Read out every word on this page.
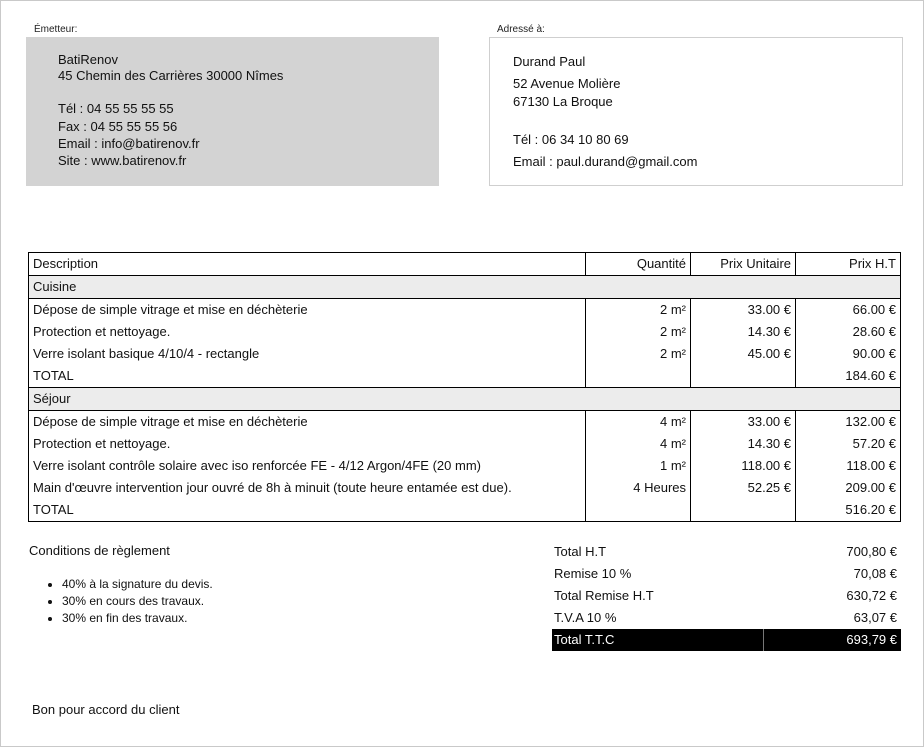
Émetteur:
BatiRenov
45 Chemin des Carrières 30000 Nîmes
Tél : 04 55 55 55 55
Fax : 04 55 55 55 56
Email : info@batirenov.fr
Site : www.batirenov.fr
Adressé à:
Durand Paul
52 Avenue Molière
67130 La Broque
Tél : 06 34 10 80 69
Email : paul.durand@gmail.com
Description	Quantité	Prix Unitaire	Prix H.T
Cuisine			
Dépose de simple vitrage et mise en déchèterie	2 m²	33.00 €	66.00 €
Protection et nettoyage.	2 m²	14.30 €	28.60 €
Verre isolant basique 4/10/4 - rectangle	2 m²	45.00 €	90.00 €
TOTAL			184.60 €
Séjour			
Dépose de simple vitrage et mise en déchèterie	4 m²	33.00 €	132.00 €
Protection et nettoyage.	4 m²	14.30 €	57.20 €
Verre isolant contrôle solaire avec iso renforcée FE - 4/12 Argon/4FE (20 mm)	1 m²	118.00 €	118.00 €
Main d'œuvre intervention jour ouvré de 8h à minuit (toute heure entamée est due).	4 Heures	52.25 €	209.00 €
TOTAL			516.20 €
Conditions de règlement
• 40% à la signature du devis.
• 30% en cours des travaux.
• 30% en fin des travaux.
Total H.T	700,80 €
Remise 10 %	70,08 €
Total Remise H.T	630,72 €
T.V.A 10 %	63,07 €
Total T.T.C	693,79 €
Bon pour accord du client
